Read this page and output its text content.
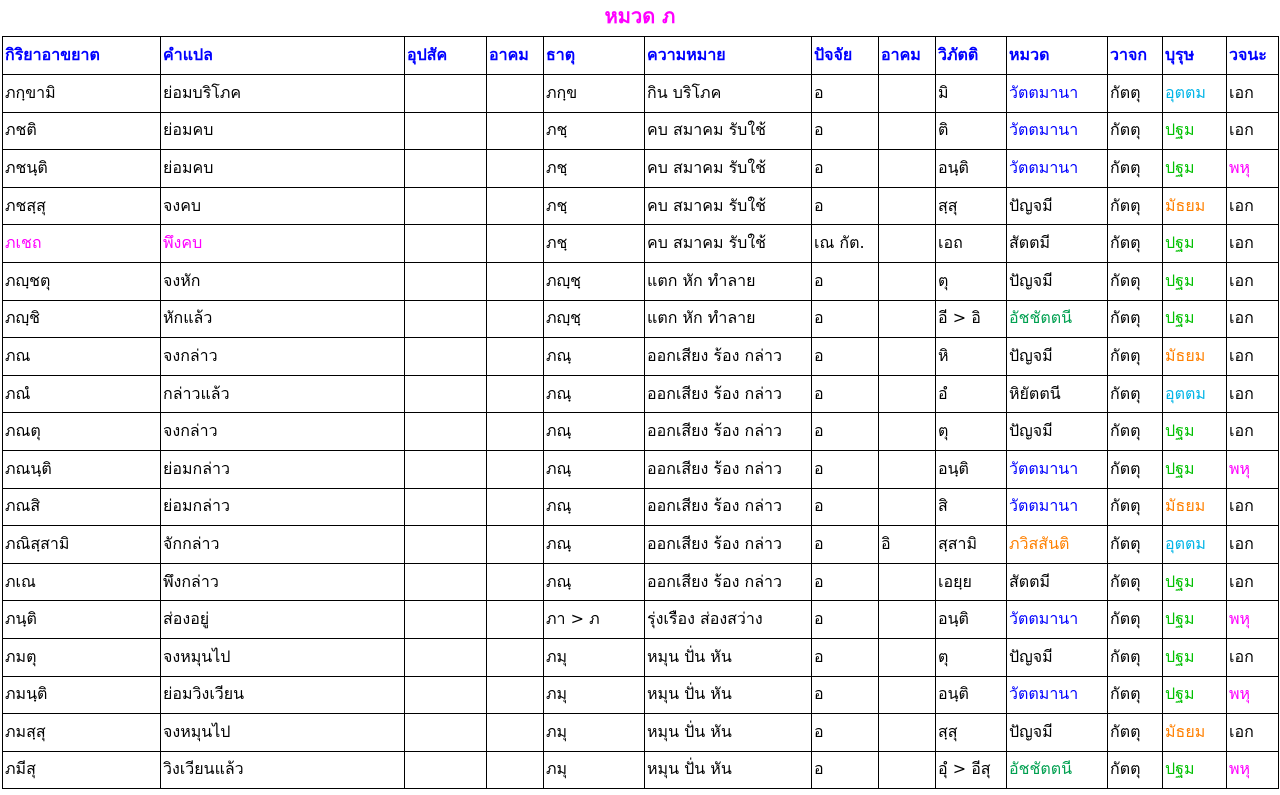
หมวด ภ
กิริยาอาขยาต	คำแปล	อุปสัค	อาคม	ธาตุ	ความหมาย	ปัจจัย	อาคม	วิภัตติ	หมวด	วาจก	บุรุษ	วจนะ
ภกฺขามิ	ย่อมบริโภค			ภกฺข	กิน บริโภค	อ		มิ	วัตตมานา	กัตตุ	อุตตม	เอก
ภชติ	ย่อมคบ			ภชฺ	คบ สมาคม รับใช้	อ		ติ	วัตตมานา	กัตตุ	ปฐม	เอก
ภชนฺติ	ย่อมคบ			ภชฺ	คบ สมาคม รับใช้	อ		อนฺติ	วัตตมานา	กัตตุ	ปฐม	พหุ
ภชสฺสุ	จงคบ			ภชฺ	คบ สมาคม รับใช้	อ		สฺสุ	ปัญจมี	กัตตุ	มัธยม	เอก
ภเชถ	พึงคบ			ภชฺ	คบ สมาคม รับใช้	เณ กัต.		เอถ	สัตตมี	กัตตุ	ปฐม	เอก
ภญฺชตุ	จงหัก			ภญฺชฺ	แตก หัก ทำลาย	อ		ตุ	ปัญจมี	กัตตุ	ปฐม	เอก
ภญฺชิ	หักแล้ว			ภญฺชฺ	แตก หัก ทำลาย	อ		อี > อิ	อัชชัตตนี	กัตตุ	ปฐม	เอก
ภณ	จงกล่าว			ภณฺ	ออกเสียง ร้อง กล่าว	อ		หิ	ปัญจมี	กัตตุ	มัธยม	เอก
ภณํ	กล่าวแล้ว			ภณฺ	ออกเสียง ร้อง กล่าว	อ		อํ	หิยัตตนี	กัตตุ	อุตตม	เอก
ภณตุ	จงกล่าว			ภณฺ	ออกเสียง ร้อง กล่าว	อ		ตุ	ปัญจมี	กัตตุ	ปฐม	เอก
ภณนฺติ	ย่อมกล่าว			ภณฺ	ออกเสียง ร้อง กล่าว	อ		อนฺติ	วัตตมานา	กัตตุ	ปฐม	พหุ
ภณสิ	ย่อมกล่าว			ภณฺ	ออกเสียง ร้อง กล่าว	อ		สิ	วัตตมานา	กัตตุ	มัธยม	เอก
ภณิสฺสามิ	จักกล่าว			ภณฺ	ออกเสียง ร้อง กล่าว	อ	อิ	สฺสามิ	ภวิสสันติ	กัตตุ	อุตตม	เอก
ภเณ	พึงกล่าว			ภณฺ	ออกเสียง ร้อง กล่าว	อ		เอยฺย	สัตตมี	กัตตุ	ปฐม	เอก
ภนฺติ	ส่องอยู่			ภา > ภ	รุ่งเรือง ส่องสว่าง	อ		อนฺติ	วัตตมานา	กัตตุ	ปฐม	พหุ
ภมตุ	จงหมุนไป			ภมุ	หมุน ปั่น หัน	อ		ตุ	ปัญจมี	กัตตุ	ปฐม	เอก
ภมนฺติ	ย่อมวิงเวียน			ภมุ	หมุน ปั่น หัน	อ		อนฺติ	วัตตมานา	กัตตุ	ปฐม	พหุ
ภมสฺสุ	จงหมุนไป			ภมุ	หมุน ปั่น หัน	อ		สฺสุ	ปัญจมี	กัตตุ	มัธยม	เอก
ภมีสุ	วิงเวียนแล้ว			ภมุ	หมุน ปั่น หัน	อ		อุํ > อีสุ	อัชชัตตนี	กัตตุ	ปฐม	พหุ
